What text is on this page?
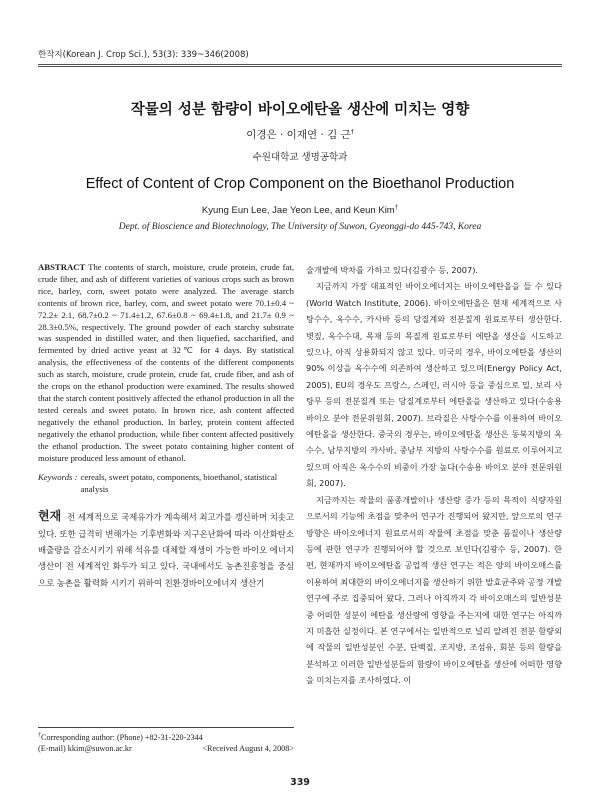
한작지(Korean J. Crop Sci.), 53(3): 339~346(2008)
작물의 성분 함량이 바이오에탄올 생산에 미치는 영향
이경은 · 이재연 · 김 근†
수원대학교 생명공학과
Effect of Content of Crop Component on the Bioethanol Production
Kyung Eun Lee, Jae Yeon Lee, and Keun Kim†
Dept. of Bioscience and Biotechnology, The University of Suwon, Gyeonggi-do 445-743, Korea

ABSTRACT The contents of starch, moisture, crude protein, crude fat, crude fiber, and ash of different varieties of various crops such as brown rice, barley, corn, sweet potato were analyzed. The average starch contents of brown rice, barley, corn, and sweet potato were 70.1±0.4 ~ 72.2± 2.1, 68.7±0.2 ~ 71.4±1.2, 67.6±0.8 ~ 69.4±1.8, and 21.7± 0.9 ~ 28.3±0.5%, respectively. The ground powder of each starchy substrate was suspended in distilled water, and then liquefied, saccharified, and fermented by dried active yeast at 32℃ for 4 days. By statistical analysis, the effectiveness of the contents of the different components such as starch, moisture, crude protein, crude fat, crude fiber, and ash of the crops on the ethanol production were examined. The results showed that the starch content positively affected the ethanol production in all the tested cereals and sweet potato. In brown rice, ash content affected negatively the ethanol production. In barley, protein content affected negatively the ethanol production, while fiber content affected positively the ethanol production. The sweet potato containing higher content of moisture produced less amount of ethanol.

Keywords : cereals, sweet potato, components, bioethanol, statistical analysis

현재 전 세계적으로 국제유가가 계속해서 최고가를 갱신하며 치솟고 있다. 또한 급격히 변해가는 기후변화와 지구온난화에 따라 이산화탄소 배출량을 감소시키기 위해 석유를 대체할 재생이 가능한 바이오 에너지 생산이 전 세계적인 화두가 되고 있다. 국내에서도 농촌진흥청을 중심으로 농촌을 활력화 시키기 위하여 친환경바이오에너지 생산기

술개발에 박차를 가하고 있다(김광수 등, 2007).

지금까지 가장 대표적인 바이오에너지는 바이오에탄올을 들 수 있다(World Watch Institute, 2006). 바이오에탄올은 현재 세계적으로 사탕수수, 옥수수, 카사바 등의 당질계와 전분질계 원료로부터 생산한다. 볏짚, 옥수수대, 목재 등의 목질계 원료로부터 에탄올 생산을 시도하고 있으나, 아직 상용화되지 않고 있다. 미국의 경우, 바이오에탄올 생산의 90% 이상을 옥수수에 의존하여 생산하고 있으며(Energy Policy Act, 2005), EU의 경우도 프랑스, 스페인, 러시아 등을 중심으로 밀, 보리 사탕무 등의 전분질계 또는 당질계로부터 에탄올을 생산하고 있다(수송용 바이오 분야 전문위원회, 2007). 브라질은 사탕수수를 이용하여 바이오 에탄올을 생산한다. 중국의 경우는, 바이오에탄올 생산은 동북지방의 옥수수, 남부지방의 카사바, 중남부 지방의 사탕수수를 원료로 이루어지고 있으며 아직은 옥수수의 비중이 가장 높다(수송용 바이오 분야 전문위원회, 2007).

지금까지는 작물의 품종개발이나 생산량 증가 등의 목적이 식량자원으로서의 기능에 초점을 맞추어 연구가 진행되어 왔지만, 앞으로의 연구방향은 바이오에너지 원료로서의 작물에 초점을 맞춘 품질이나 생산량 등에 관한 연구가 진행되어야 할 것으로 보인다(김광수 등, 2007). 한편, 현재까지 바이오에탄올 공업적 생산 연구는 적은 양의 바이오매스를 이용하여 최대한의 바이오에너지를 생산하기 위한 발효균주와 공정 개발 연구에 주로 집중되어 왔다. 그러나 아직까지 각 바이오매스의 일반성분 중 어떠한 성분이 에탄올 생산량에 영향을 주는지에 대한 연구는 아직까지 미흡한 실정이다. 본 연구에서는 일반적으로 널리 알려진 전분 함량외에 작물의 일반성분인 수분, 단백질, 조지방, 조섬유, 회분 등의 함량을 분석하고 이러한 일반성분들의 함량이 바이오에탄올 생산에 어떠한 영향을 미치는지를 조사하였다. 이

†Corresponding author: (Phone) +82-31-220-2344
(E-mail) kkim@suwon.ac.kr	<Received August 4, 2008>
339
